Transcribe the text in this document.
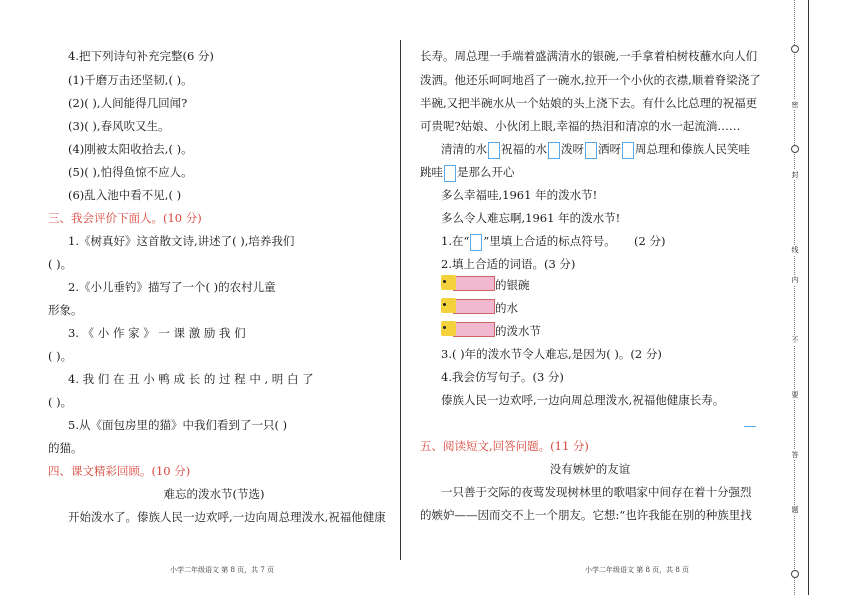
4.把下列诗句补充完整(6 分)
(1)千磨万击还坚韧,( )。
(2)( ),人间能得几回闻?
(3)( ),春风吹又生。
(4)刚被太阳收拾去,( )。
(5)( ),怕得鱼惊不应人。
(6)乱入池中看不见,( )
三、我会评价下面人。(10 分)
1.《树真好》这首散文诗,讲述了( ),培养我们
( )。
2.《小儿垂钓》描写了一个( )的农村儿童
形象。
3. 《 小 作 家 》 一 课 激 励 我 们
( )。
4. 我 们 在 丑 小 鸭 成 长 的 过 程 中 , 明 白 了
( )。
5.从《面包房里的猫》中我们看到了一只( )
的猫。
四、课文精彩回顾。(10 分)
难忘的泼水节(节选)
开始泼水了。傣族人民一边欢呼,一边向周总理泼水,祝福他健康
小学二年级语文 第 8 页，共 7 页
长寿。周总理一手端着盛满清水的银碗,一手拿着柏树枝蘸水向人们
泼洒。他还乐呵呵地舀了一碗水,拉开一个小伙的衣襟,顺着脊梁浇了
半碗,又把半碗水从一个姑娘的头上浇下去。有什么比总理的祝福更
可贵呢?姑娘、小伙闭上眼,幸福的热泪和清凉的水一起流淌……
清清的水 祝福的水 泼呀 洒呀 周总理和傣族人民笑哇
跳哇 是那么开心
多么幸福哇,1961 年的泼水节!
多么令人难忘啊,1961 年的泼水节!
1.在“ ”里填上合适的标点符号。 (2 分)
2.填上合适的词语。(3 分)
的银碗
的水
的泼水节
3.( )年的泼水节令人难忘,是因为( )。(2 分)
4.我会仿写句子。(3 分)
傣族人民一边欢呼,一边向周总理泼水,祝福他健康长寿。
五、阅读短文,回答问题。(11 分)
没有嫉妒的友谊
一只善于交际的夜莺发现树林里的歌唱家中间存在着十分强烈
的嫉妒——因而交不上一个朋友。它想:“也许我能在别的种族里找
小学二年级语文 第 8 页，共 8 页
密
封
线
内
不
要
答
题
